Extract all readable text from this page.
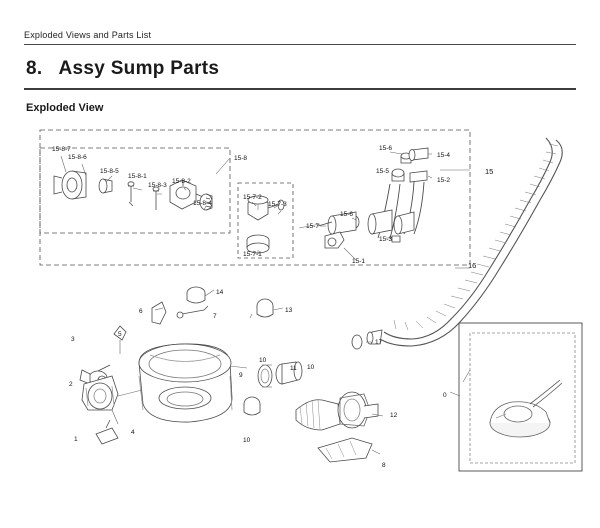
Exploded Views and Parts List
8. Assy Sump Parts
Exploded View
0
1
2
3
4
5
6
7
8
9
10
10
10
11
12
13
14
15
15-1
15-2
15-3
15-4
15-5
15-6
15-6
15-7
15-8
15-8-1
15-8-2
15-8-3
15-8-4
15-8-5
15-8-6
15-8-7
15-7-1
15-7-2
15-7-3
16
17
